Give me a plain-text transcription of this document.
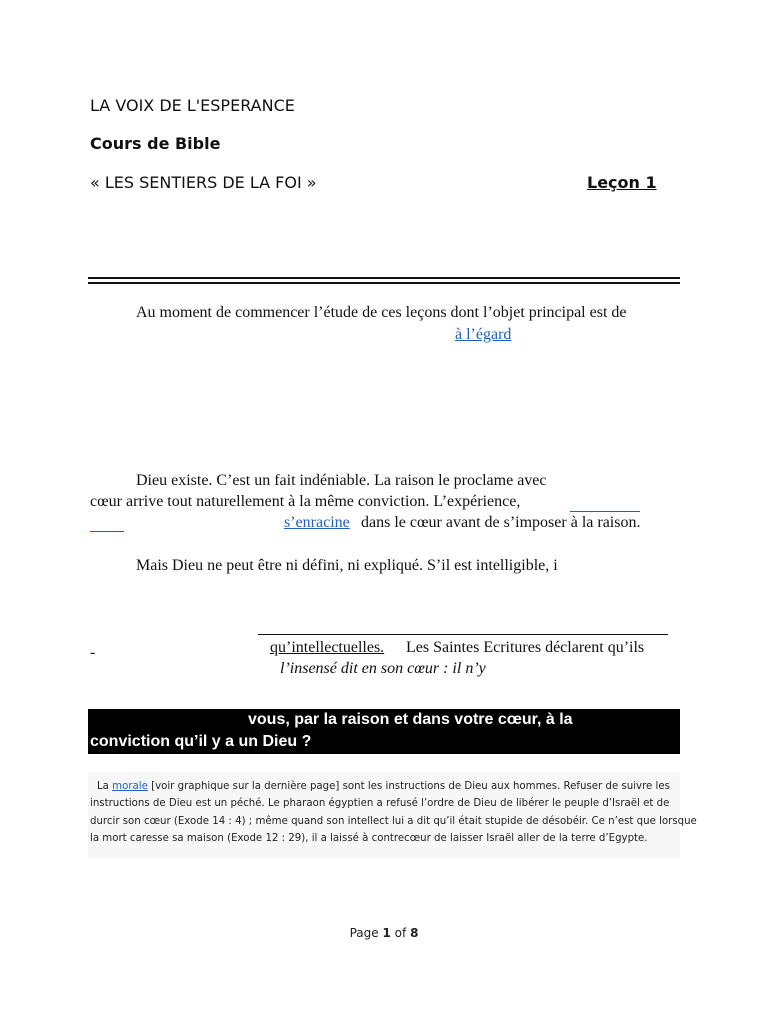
LA VOIX DE L'ESPERANCE
Cours de Bible
« LES SENTIERS DE LA FOI »	Leçon 1
Au moment de commencer l’étude de ces leçons dont l’objet principal est de
à l’égard
Dieu existe. C’est un fait indéniable. La raison le proclame avec
cœur arrive tout naturellement à la même conviction. L’expérience,
s’enracine dans le cœur avant de s’imposer à la raison.
Mais Dieu ne peut être ni défini, ni expliqué. S’il est intelligible, i
-	qu’intellectuelles. Les Saintes Ecritures déclarent qu’ils
l’insensé dit en son cœur : il n’y
vous, par la raison et dans votre cœur, à la
conviction qu’il y a un Dieu ?
La morale [voir graphique sur la dernière page] sont les instructions de Dieu aux hommes. Refuser de suivre les
instructions de Dieu est un péché. Le pharaon égyptien a refusé l’ordre de Dieu de libérer le peuple d’Israël et de
durcir son cœur (Exode 14 : 4) ; même quand son intellect lui a dit qu’il était stupide de désobéir. Ce n’est que lorsque
la mort caresse sa maison (Exode 12 : 29), il a laissé à contrecœur de laisser Israël aller de la terre d’Egypte.
Page 1 of 8
